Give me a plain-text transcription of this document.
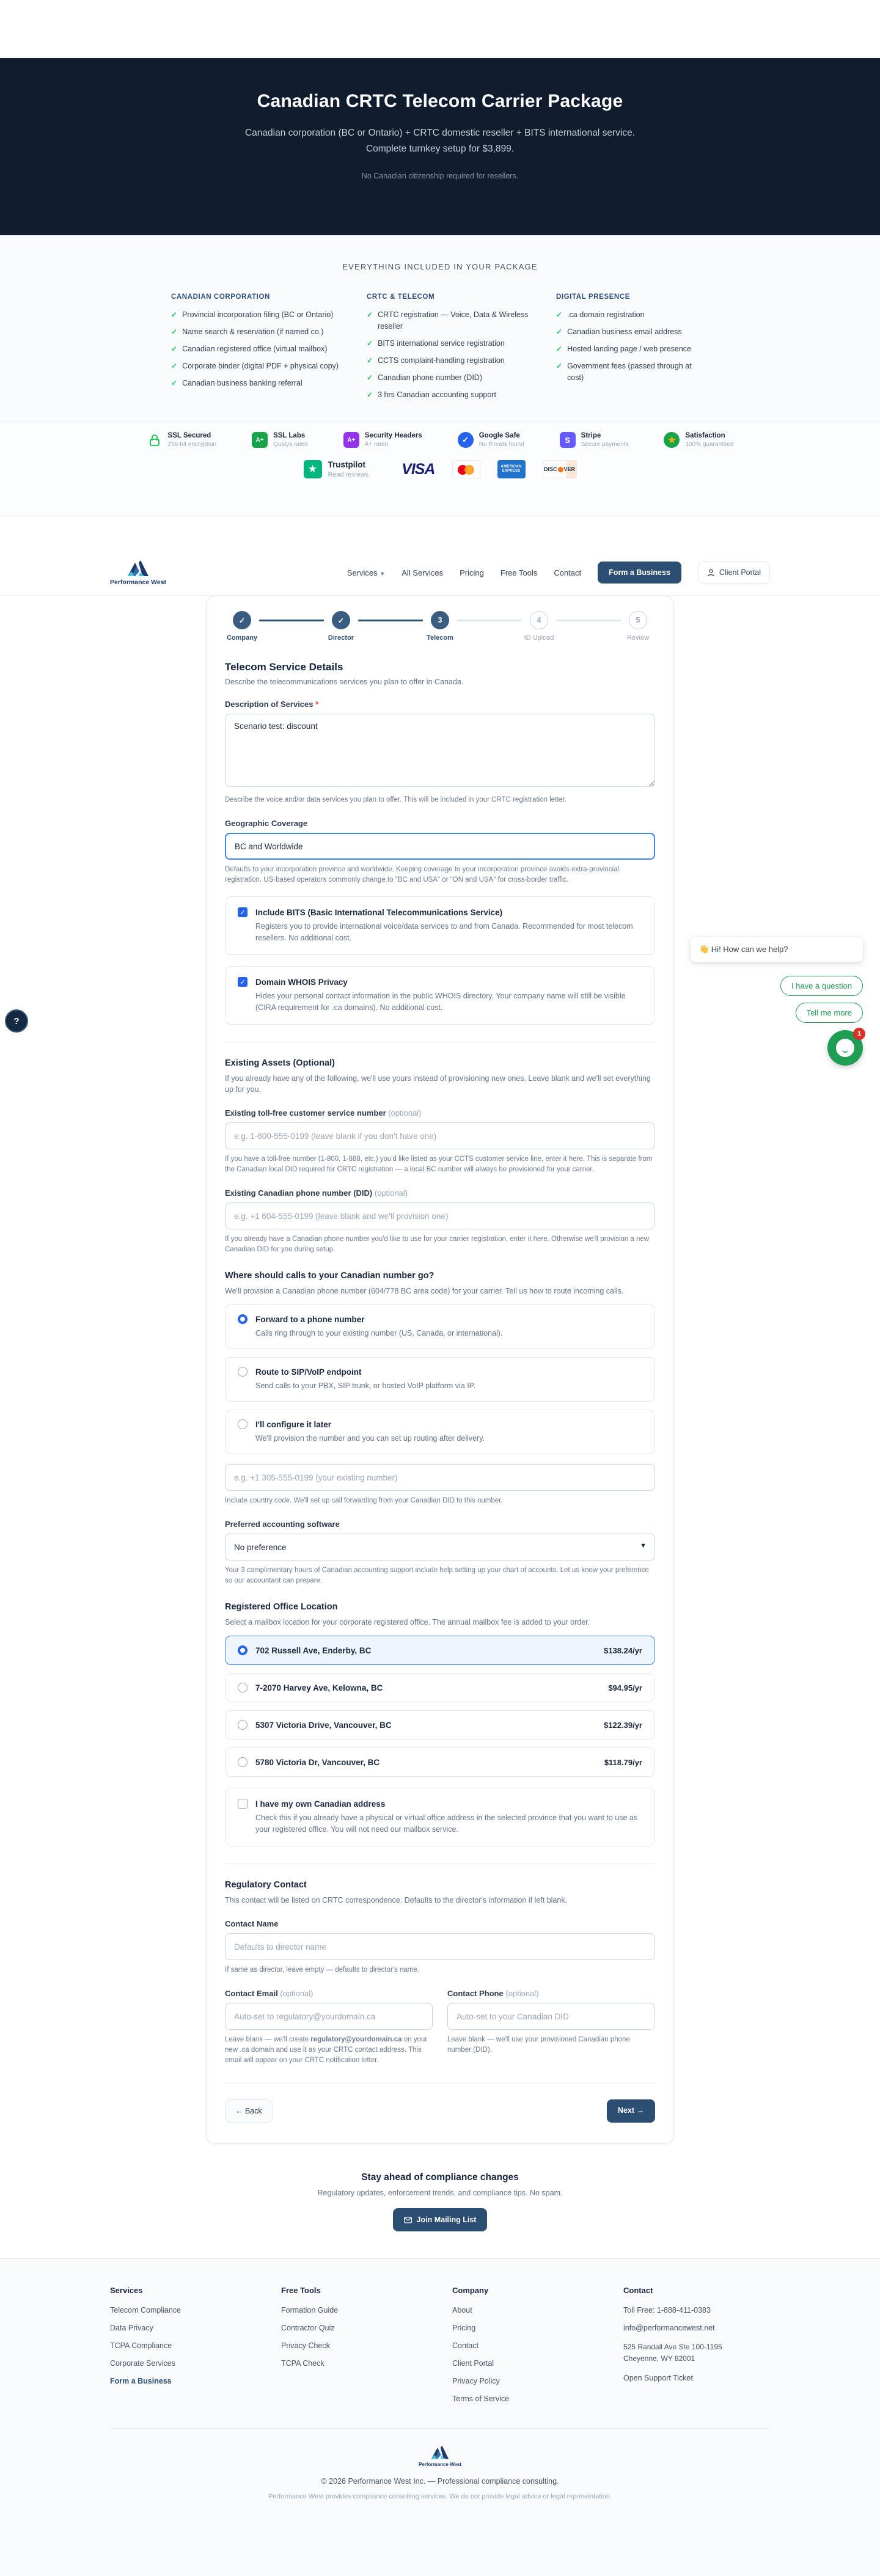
Canadian CRTC Telecom Carrier Package

Canadian corporation (BC or Ontario) + CRTC domestic reseller + BITS international service. Complete turnkey setup for $3,899.

No Canadian citizenship required for resellers.

EVERYTHING INCLUDED IN YOUR PACKAGE
CANADIAN CORPORATION
✓ Provincial incorporation filing (BC or Ontario)
✓ Name search & reservation (if named co.)
✓ Canadian registered office (virtual mailbox)
✓ Corporate binder (digital PDF + physical copy)
✓ Canadian business banking referral
CRTC & TELECOM
✓ CRTC registration — Voice, Data & Wireless reseller
✓ BITS international service registration
✓ CCTS complaint-handling registration
✓ Canadian phone number (DID)
✓ 3 hrs Canadian accounting support
DIGITAL PRESENCE
✓ .ca domain registration
✓ Canadian business email address
✓ Hosted landing page / web presence
✓ Government fees (passed through at cost)
SSL Secured
256-bit encryption
A+
SSL Labs
Qualys rated
A+
Security Headers
A+ rated
✓	Google Safe
No threats found	S	Stripe
Secure payments	★	Satisfaction
100% guaranteed
★	Trustpilot
Read reviews VISA	AMERICAN
EXPRESS	DISC VER
Performance West
Services ▼ All Services Pricing Free Tools Contact	Form a Business	Client Portal
✓
Company
✓
Director
3
Telecom
4
ID Upload
5
Review
Telecom Service Details

Describe the telecommunications services you plan to offer in Canada.

Description of Services *
Scenario test: discount

Describe the voice and/or data services you plan to offer. This will be included in your CRTC registration letter.

Geographic Coverage
BC and Worldwide

Defaults to your incorporation province and worldwide. Keeping coverage to your incorporation province avoids extra-provincial registration. US-based operators commonly change to "BC and USA" or "ON and USA" for cross-border traffic.

✓ Include BITS (Basic International Telecommunications Service)
Registers you to provide international voice/data services to and from Canada. Recommended for most telecom resellers. No additional cost.
✓ Domain WHOIS Privacy
Hides your personal contact information in the public WHOIS directory. Your company name will still be visible (CIRA requirement for .ca domains). No additional cost.
Existing Assets (Optional)

If you already have any of the following, we'll use yours instead of provisioning new ones. Leave blank and we'll set everything up for you.

Existing toll-free customer service number (optional)
e.g. 1-800-555-0199 (leave blank if you don't have one)

If you have a toll-free number (1-800, 1-888, etc.) you'd like listed as your CCTS customer service line, enter it here. This is separate from the Canadian local DID required for CRTC registration — a local BC number will always be provisioned for your carrier.

Existing Canadian phone number (DID) (optional)
e.g. +1 604-555-0199 (leave blank and we'll provision one)

If you already have a Canadian phone number you'd like to use for your carrier registration, enter it here. Otherwise we'll provision a new Canadian DID for you during setup.

Where should calls to your Canadian number go?

We'll provision a Canadian phone number (604/778 BC area code) for your carrier. Tell us how to route incoming calls.

Forward to a phone number
Calls ring through to your existing number (US, Canada, or international).
Route to SIP/VoIP endpoint
Send calls to your PBX, SIP trunk, or hosted VoIP platform via IP.
I'll configure it later
We'll provision the number and you can set up routing after delivery.
e.g. +1 305-555-0199 (your existing number)

Include country code. We'll set up call forwarding from your Canadian DID to this number.

Preferred accounting software
No preference	▼

Your 3 complimentary hours of Canadian accounting support include help setting up your chart of accounts. Let us know your preference so our accountant can prepare.

Registered Office Location

Select a mailbox location for your corporate registered office. The annual mailbox fee is added to your order.

702 Russell Ave, Enderby, BC	$138.24/yr
7-2070 Harvey Ave, Kelowna, BC	$94.95/yr
5307 Victoria Drive, Vancouver, BC	$122.39/yr
5780 Victoria Dr, Vancouver, BC	$118.79/yr
I have my own Canadian address
Check this if you already have a physical or virtual office address in the selected province that you want to use as your registered office. You will not need our mailbox service.
Regulatory Contact

This contact will be listed on CRTC correspondence. Defaults to the director's information if left blank.

Contact Name
Defaults to director name

If same as director, leave empty — defaults to director's name.

Contact Email (optional)
Auto-set to regulatory@yourdomain.ca

Leave blank — we'll create regulatory@yourdomain.ca on your new .ca domain and use it as your CRTC contact address. This email will appear on your CRTC notification letter.

Contact Phone (optional)
Auto-set to your Canadian DID

Leave blank — we'll use your provisioned Canadian phone number (DID).

← Back	Next →
Stay ahead of compliance changes

Regulatory updates, enforcement trends, and compliance tips. No spam.

Join Mailing List
Services
Telecom Compliance
Data Privacy
TCPA Compliance
Corporate Services
Form a Business
Free Tools
Formation Guide
Contractor Quiz
Privacy Check
TCPA Check
Company
About
Pricing
Contact
Client Portal
Privacy Policy
Terms of Service
Contact
Toll Free: 1-888-411-0383
info@performancewest.net
525 Randall Ave Ste 100-1195
Cheyenne, WY 82001
Open Support Ticket
Performance West
© 2026 Performance West Inc. — Professional compliance consulting.
Performance West provides compliance consulting services. We do not provide legal advice or legal representation.
👋 Hi! How can we help?
I have a question
Tell me more
1
?
